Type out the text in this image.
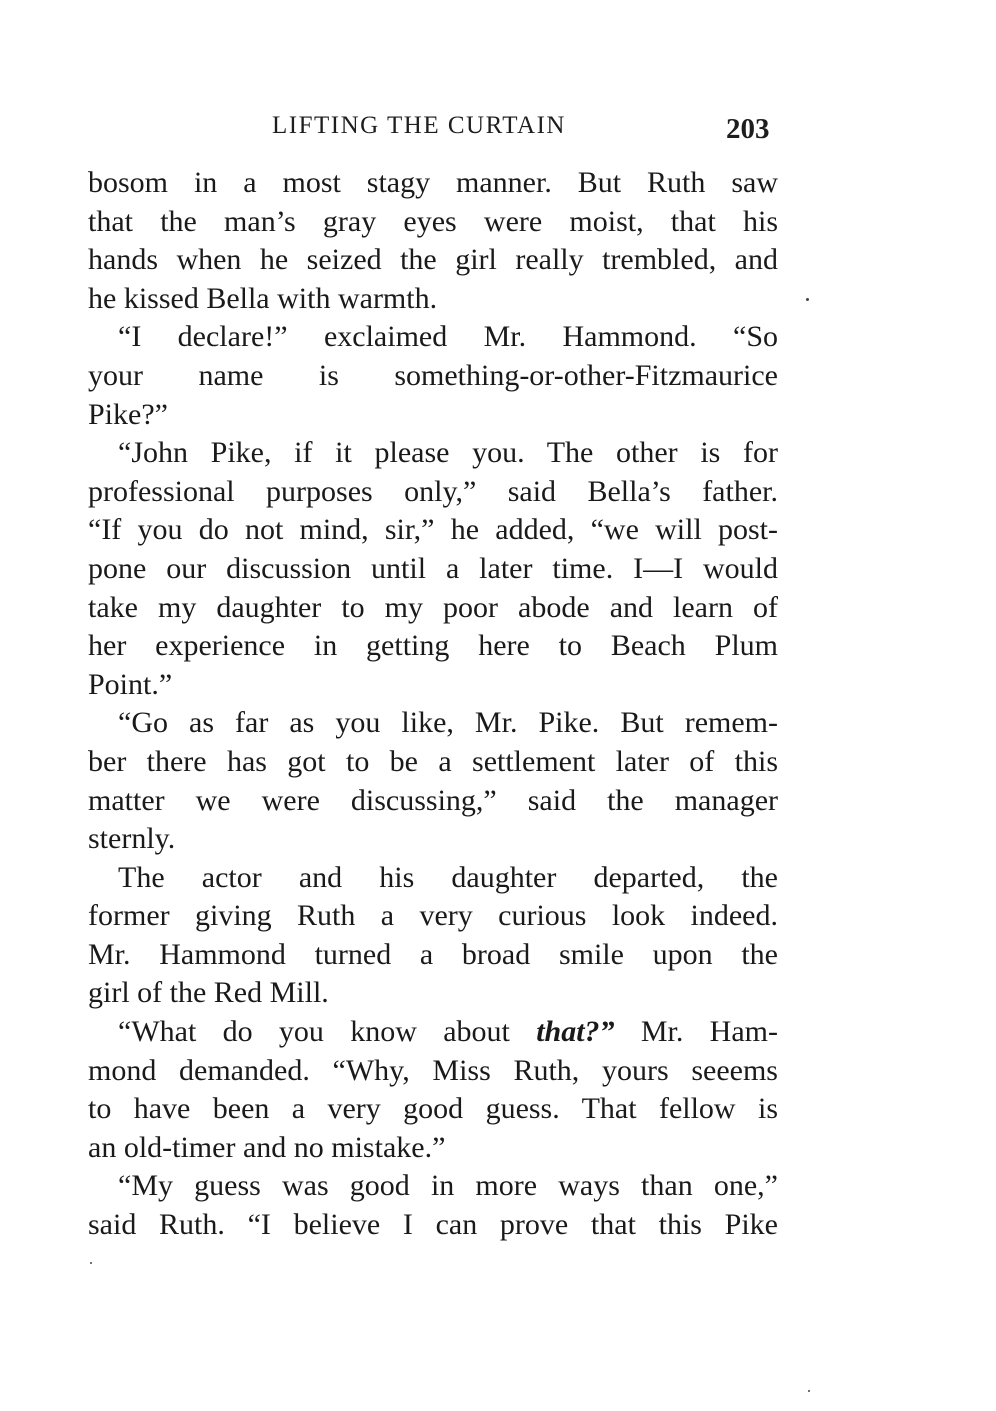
LIFTING THE CURTAIN	203
bosom in a most stagy manner. But Ruth saw
that the man’s gray eyes were moist, that his
hands when he seized the girl really trembled, and
he kissed Bella with warmth.
“I declare!” exclaimed Mr. Hammond. “So
your name is something-or-other-Fitzmaurice
Pike?”
“John Pike, if it please you. The other is for
professional purposes only,” said Bella’s father.
“If you do not mind, sir,” he added, “we will post-
pone our discussion until a later time. I—I would
take my daughter to my poor abode and learn of
her experience in getting here to Beach Plum
Point.”
“Go as far as you like, Mr. Pike. But remem-
ber there has got to be a settlement later of this
matter we were discussing,” said the manager
sternly.
The actor and his daughter departed, the
former giving Ruth a very curious look indeed.
Mr. Hammond turned a broad smile upon the
girl of the Red Mill.
“What do you know about that?” Mr. Ham-
mond demanded. “Why, Miss Ruth, yours seeems
to have been a very good guess. That fellow is
an old-timer and no mistake.”
“My guess was good in more ways than one,”
said Ruth. “I believe I can prove that this Pike
